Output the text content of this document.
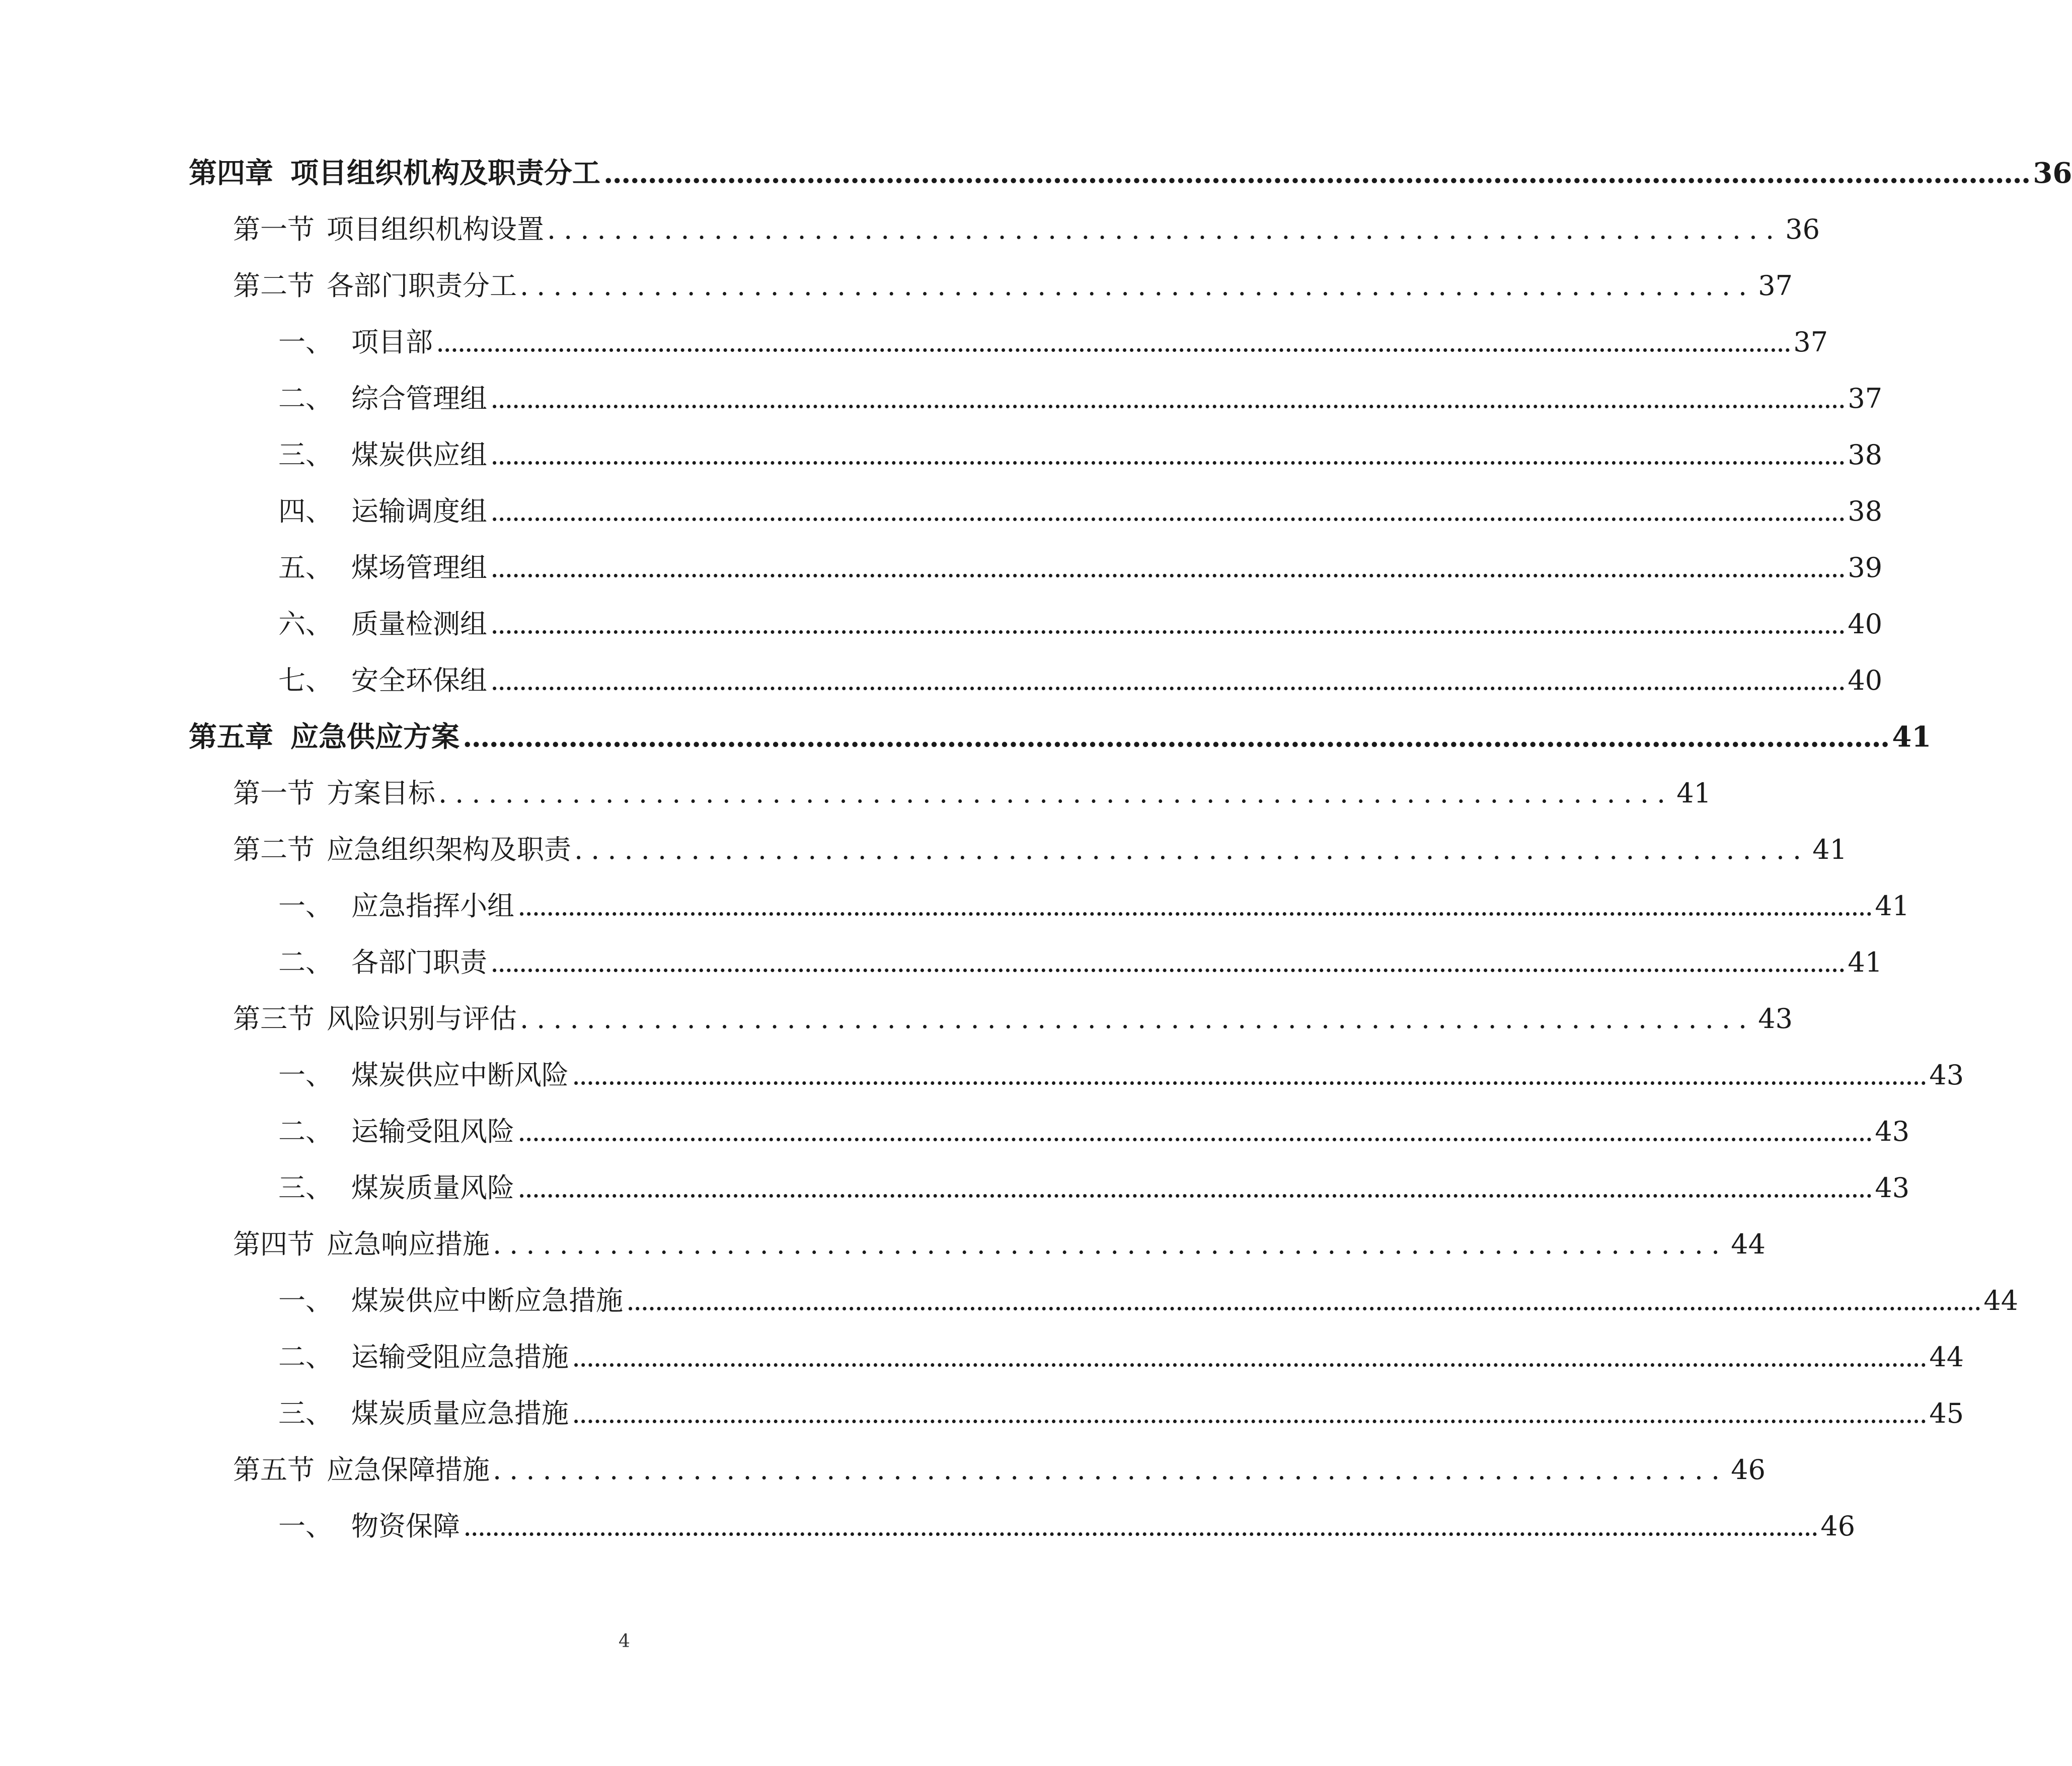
第四章 项目组织机构及职责分工 .................................................................................................................................................................. 36
第一节 项目组织机构设置 .......................................................................... 36
第二节 各部门职责分工 .......................................................................... 37
一、 项目部 .............................................................................................................................................................................................. 37
二、 综合管理组 .............................................................................................................................................................................................. 37
三、 煤炭供应组 .............................................................................................................................................................................................. 38
四、 运输调度组 .............................................................................................................................................................................................. 38
五、 煤场管理组 .............................................................................................................................................................................................. 39
六、 质量检测组 .............................................................................................................................................................................................. 40
七、 安全环保组 .............................................................................................................................................................................................. 40
第五章 应急供应方案 .................................................................................................................................................................. 41
第一节 方案目标 .......................................................................... 41
第二节 应急组织架构及职责 .......................................................................... 41
一、 应急指挥小组 .............................................................................................................................................................................................. 41
二、 各部门职责 .............................................................................................................................................................................................. 41
第三节 风险识别与评估 .......................................................................... 43
一、 煤炭供应中断风险 .............................................................................................................................................................................................. 43
二、 运输受阻风险 .............................................................................................................................................................................................. 43
三、 煤炭质量风险 .............................................................................................................................................................................................. 43
第四节 应急响应措施 .......................................................................... 44
一、 煤炭供应中断应急措施 .............................................................................................................................................................................................. 44
二、 运输受阻应急措施 .............................................................................................................................................................................................. 44
三、 煤炭质量应急措施 .............................................................................................................................................................................................. 45
第五节 应急保障措施 .......................................................................... 46
一、 物资保障 .............................................................................................................................................................................................. 46
4
